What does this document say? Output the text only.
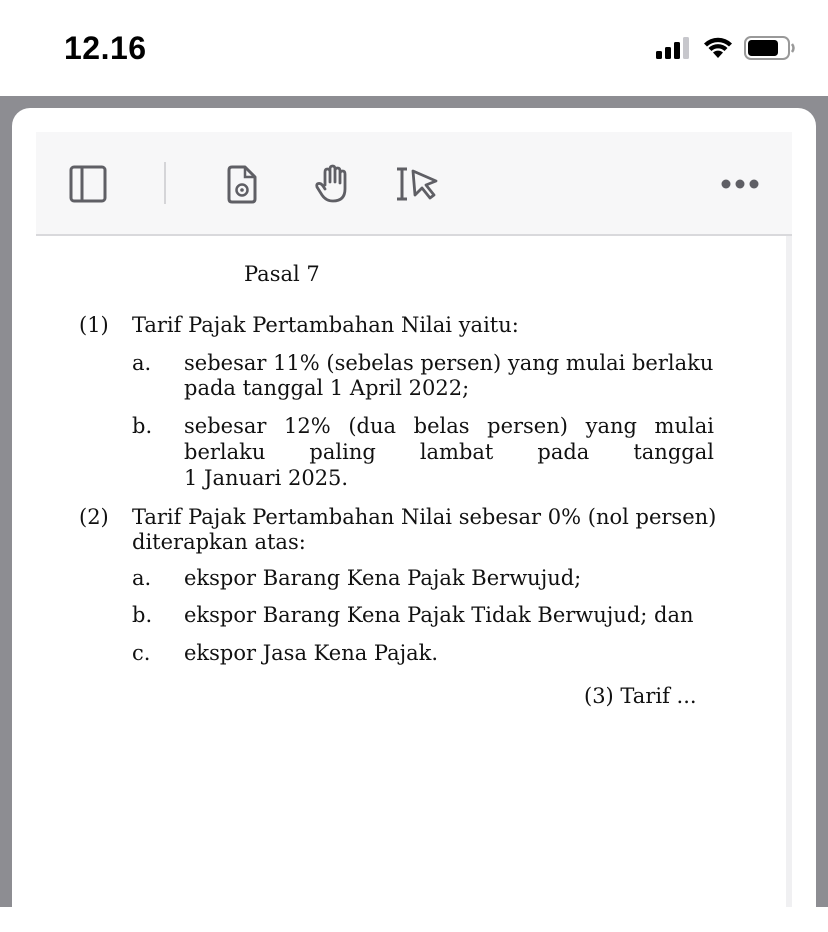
12.16
Pasal 7
(1) Tarif Pajak Pertambahan Nilai yaitu:
a. sebesar 11% (sebelas persen) yang mulai berlaku
pada tanggal 1 April 2022;
b. sebesar 12% (dua belas persen) yang mulai
berlaku paling lambat pada tanggal
1 Januari 2025.
(2) Tarif Pajak Pertambahan Nilai sebesar 0% (nol persen)
diterapkan atas:
a. ekspor Barang Kena Pajak Berwujud;
b. ekspor Barang Kena Pajak Tidak Berwujud; dan
c. ekspor Jasa Kena Pajak.
(3) Tarif ...
